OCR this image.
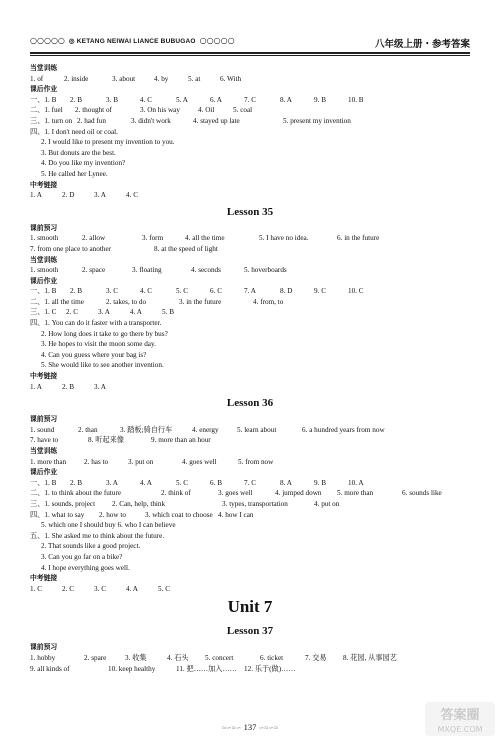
○○○○○ ◎ KETANG NEIWAI LIANCE BUBUGAO ○○○○○	八年级上册・参考答案
当堂训练
1. of	2. inside	3. about	4. by	5. at	6. With
课后作业
一、1. B 2. B	3. B	4. C	5. A	6. A	7. C	8. A	9. B	10. B
二、1. fuel 2. thought of	3. On his way	4. Oil	5. coal
三、1. turn on 2. had fun	3. didn't work	4. stayed up late	5. present my invention
四、1. I don't need oil or coal.
2. I would like to present my invention to you.
3. But donuts are the best.
4. Do you like my invention?
5. He called her Lynee.
中考链接
1. A	2. D	3. A	4. C
Lesson 35
课前预习
1. smooth	2. allow	3. form	4. all the time	5. I have no idea.	6. in the future
7. from one place to another	8. at the speed of light
当堂训练
1. smooth	2. space	3. floating	4. seconds	5. hoverboards
课后作业
一、1. B 2. B	3. C	4. C	5. C	6. C	7. A	8. D	9. C	10. C
二、1. all the time	2. takes, to do	3. in the future	4. from, to
三、1. C 2. C	3. A	4. A	5. B
四、1. You can do it faster with a transporter.
2. How long does it take to go there by bus?
3. He hopes to visit the moon some day.
4. Can you guess where your bag is?
5. She would like to see another invention.
中考链接
1. A	2. B	3. A
Lesson 36
课前预习
1. sound	2. than	3. 踏板;骑自行车	4. energy	5. learn about	6. a hundred years from now
7. have to	8. 听起来像	9. more than an hour
当堂训练
1. more than 2. has to	3. put on	4. goes well	5. from now
课后作业
一、1. B 2. B	3. A	4. A	5. C	6. B	7. C	8. A	9. B	10. A
二、1. to think about the future	2. think of	3. goes well	4. jumped down 5. more than	6. sounds like
三、1. sounds, project 2. Can, help, think	3. types, transportation	4. put on
四、1. what to say 2. how to	3. which coat to choose 4. how I can
5. which one I should buy 6. who I can believe
五、1. She asked me to think about the future.
2. That sounds like a good project.
3. Can you go far on a bike?
4. I hope everything goes well.
中考链接
1. C	2. C	3. C	4. A	5. C
Unit 7
Lesson 37
课前预习
1. hobby	2. spare	3. 收集	4. 石头 5. concert	6. ticket	7. 交易 8. 花园, 从事园艺
9. all kinds of	10. keep healthy	11. 把……加入…… 12. 乐于(做)……
≈∽≈∽ 137 ∽≈∽≈
答案圈
MXQE.COM
